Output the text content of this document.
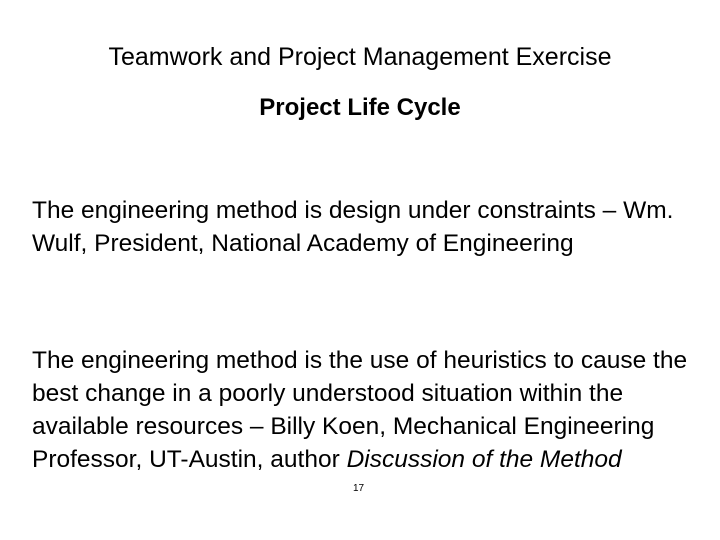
Teamwork and Project Management Exercise
Project Life Cycle

The engineering method is design under constraints – Wm. Wulf, President, National Academy of Engineering

The engineering method is the use of heuristics to cause the best change in a poorly understood situation within the available resources – Billy Koen, Mechanical Engineering Professor, UT-Austin, author Discussion of the Method

17
